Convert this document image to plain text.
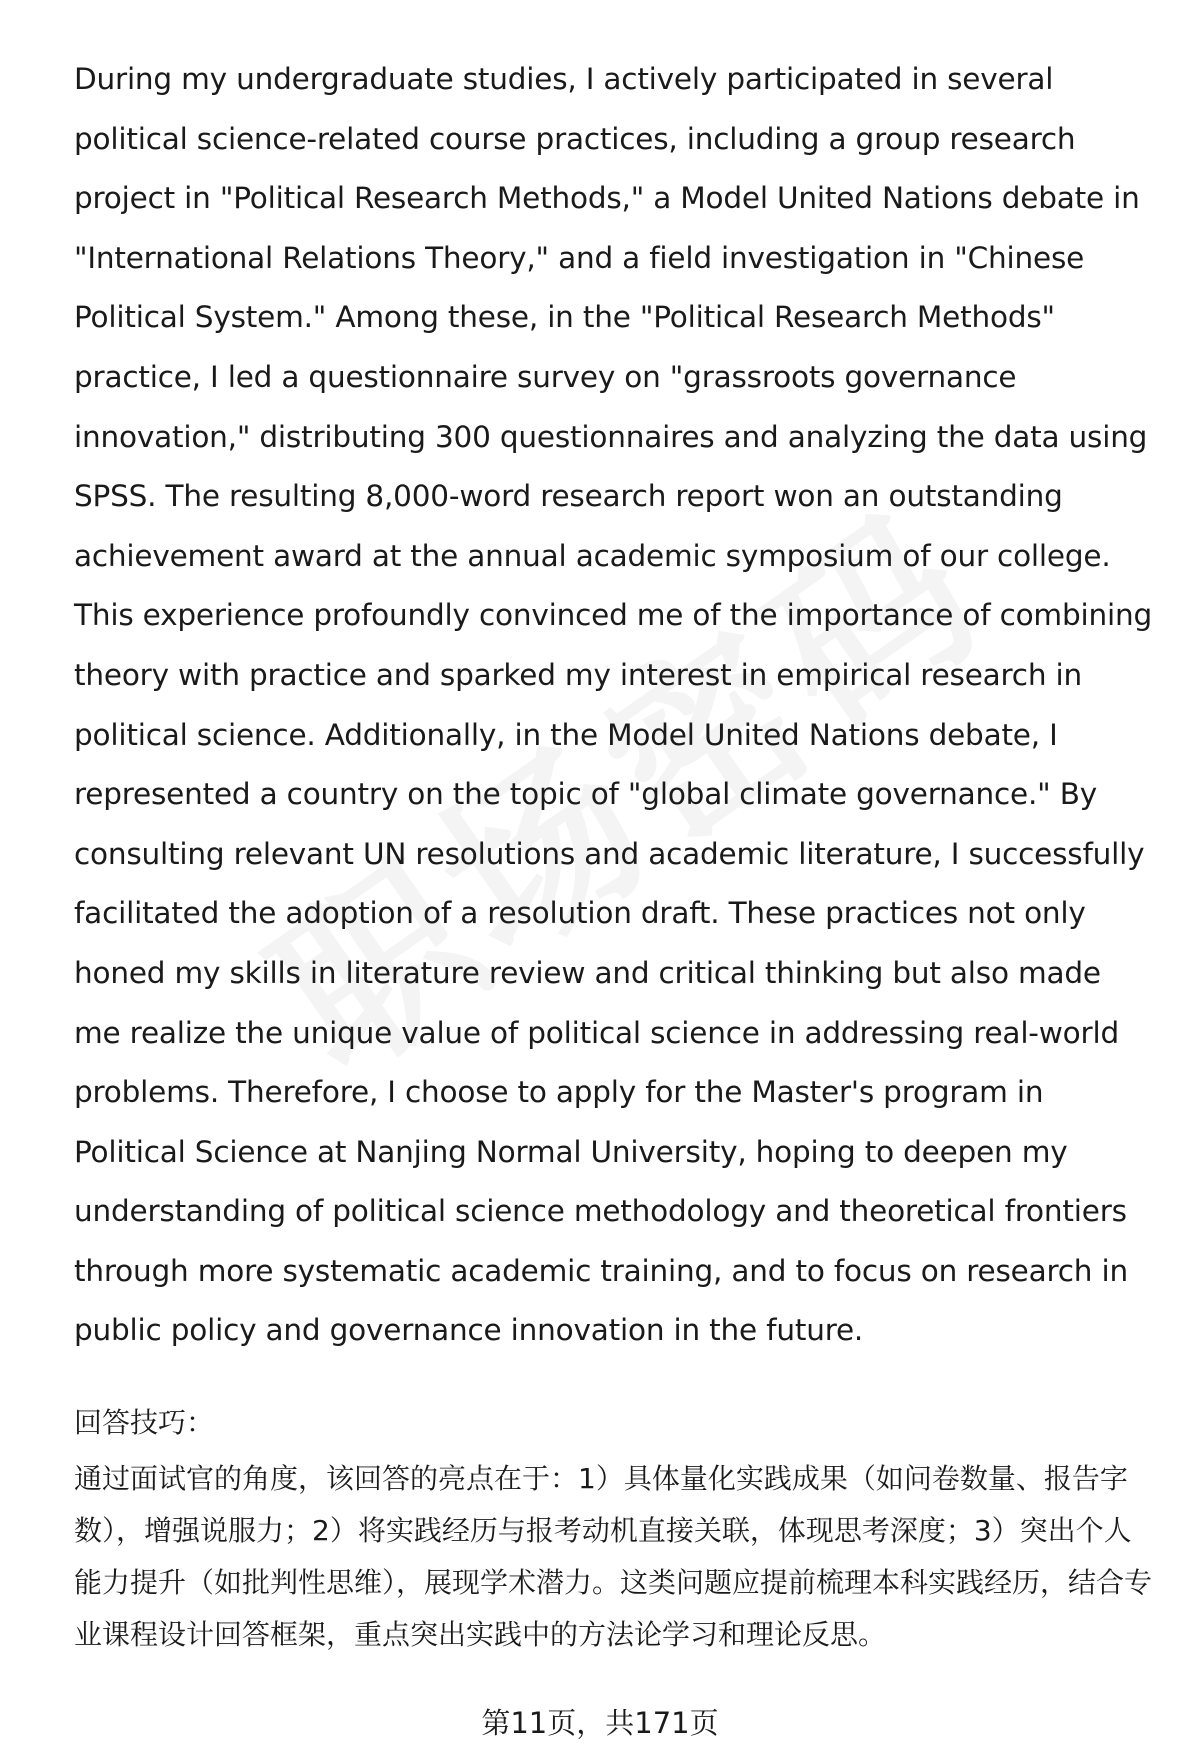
During my undergraduate studies, I actively participated in several political science-related course practices, including a group research project in "Political Research Methods," a Model United Nations debate in "International Relations Theory," and a field investigation in "Chinese Political System." Among these, in the "Political Research Methods" practice, I led a questionnaire survey on "grassroots governance innovation," distributing 300 questionnaires and analyzing the data using SPSS. The resulting 8,000-word research report won an outstanding achievement award at the annual academic symposium of our college. This experience profoundly convinced me of the importance of combining theory with practice and sparked my interest in empirical research in political science. Additionally, in the Model United Nations debate, I represented a country on the topic of "global climate governance." By consulting relevant UN resolutions and academic literature, I successfully facilitated the adoption of a resolution draft. These practices not only honed my skills in literature review and critical thinking but also made me realize the unique value of political science in addressing real-world problems. Therefore, I choose to apply for the Master's program in Political Science at Nanjing Normal University, hoping to deepen my understanding of political science methodology and theoretical frontiers through more systematic academic training, and to focus on research in public policy and governance innovation in the future.

回答技巧：

通过面试官的角度，该回答的亮点在于：1）具体量化实践成果（如问卷数量、报告字数），增强说服力；2）将实践经历与报考动机直接关联，体现思考深度；3）突出个人能力提升（如批判性思维），展现学术潜力。这类问题应提前梳理本科实践经历，结合专业课程设计回答框架，重点突出实践中的方法论学习和理论反思。

第11页，共171页
